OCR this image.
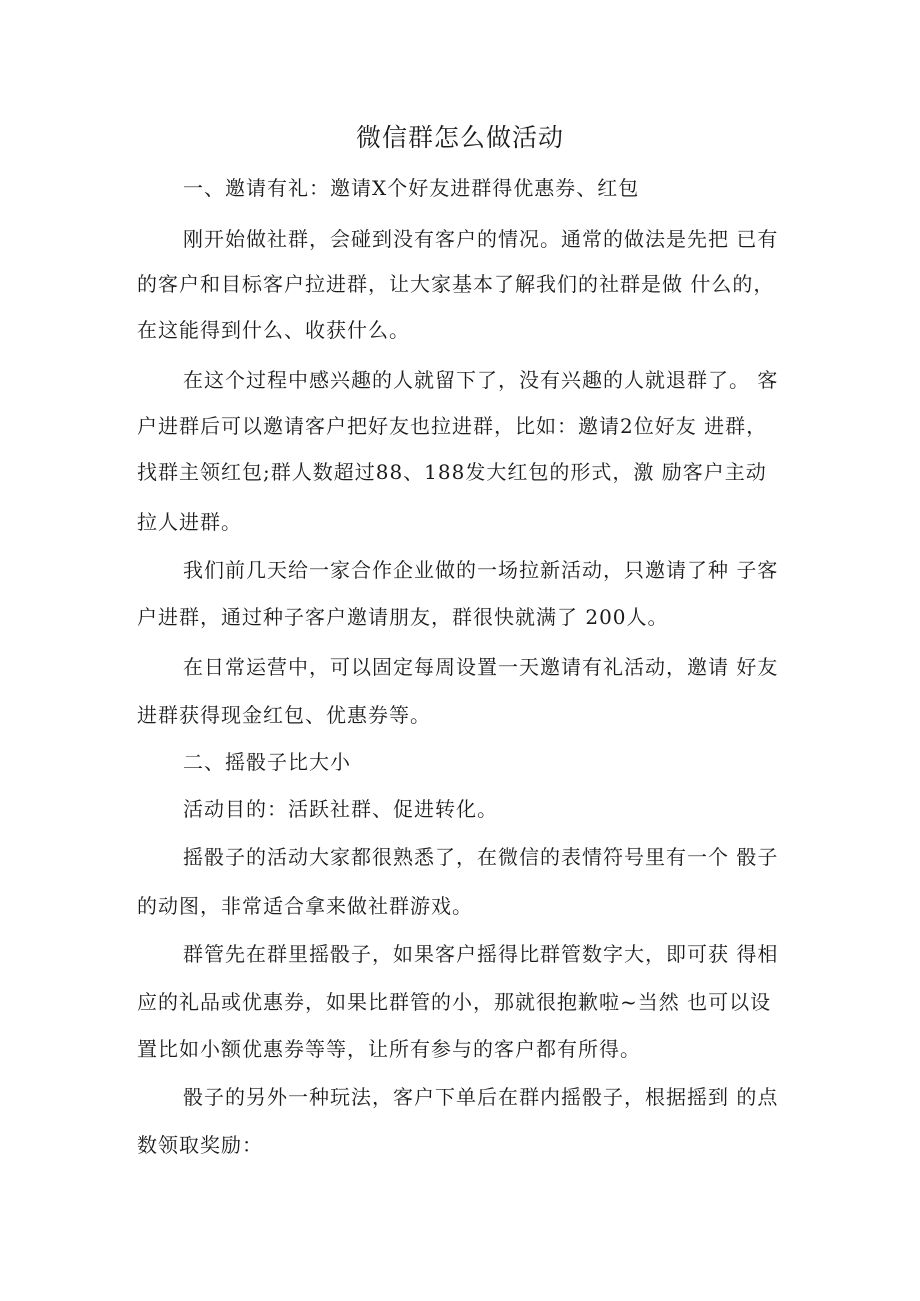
微信群怎么做活动
一、邀请有礼：邀请X个好友进群得优惠券、红包
刚开始做社群，会碰到没有客户的情况。通常的做法是先把 已有
的客户和目标客户拉进群，让大家基本了解我们的社群是做 什么的，
在这能得到什么、收获什么。
在这个过程中感兴趣的人就留下了，没有兴趣的人就退群了。 客
户进群后可以邀请客户把好友也拉进群，比如：邀请2位好友 进群，
找群主领红包;群人数超过88、188发大红包的形式，激 励客户主动
拉人进群。
我们前几天给一家合作企业做的一场拉新活动，只邀请了种 子客
户进群，通过种子客户邀请朋友，群很快就满了 200人。
在日常运营中，可以固定每周设置一天邀请有礼活动，邀请 好友
进群获得现金红包、优惠券等。
二、摇骰子比大小
活动目的：活跃社群、促进转化。
摇骰子的活动大家都很熟悉了，在微信的表情符号里有一个 骰子
的动图，非常适合拿来做社群游戏。
群管先在群里摇骰子，如果客户摇得比群管数字大，即可获 得相
应的礼品或优惠券，如果比群管的小，那就很抱歉啦~当然 也可以设
置比如小额优惠券等等，让所有参与的客户都有所得。
骰子的另外一种玩法，客户下单后在群内摇骰子，根据摇到 的点
数领取奖励：
